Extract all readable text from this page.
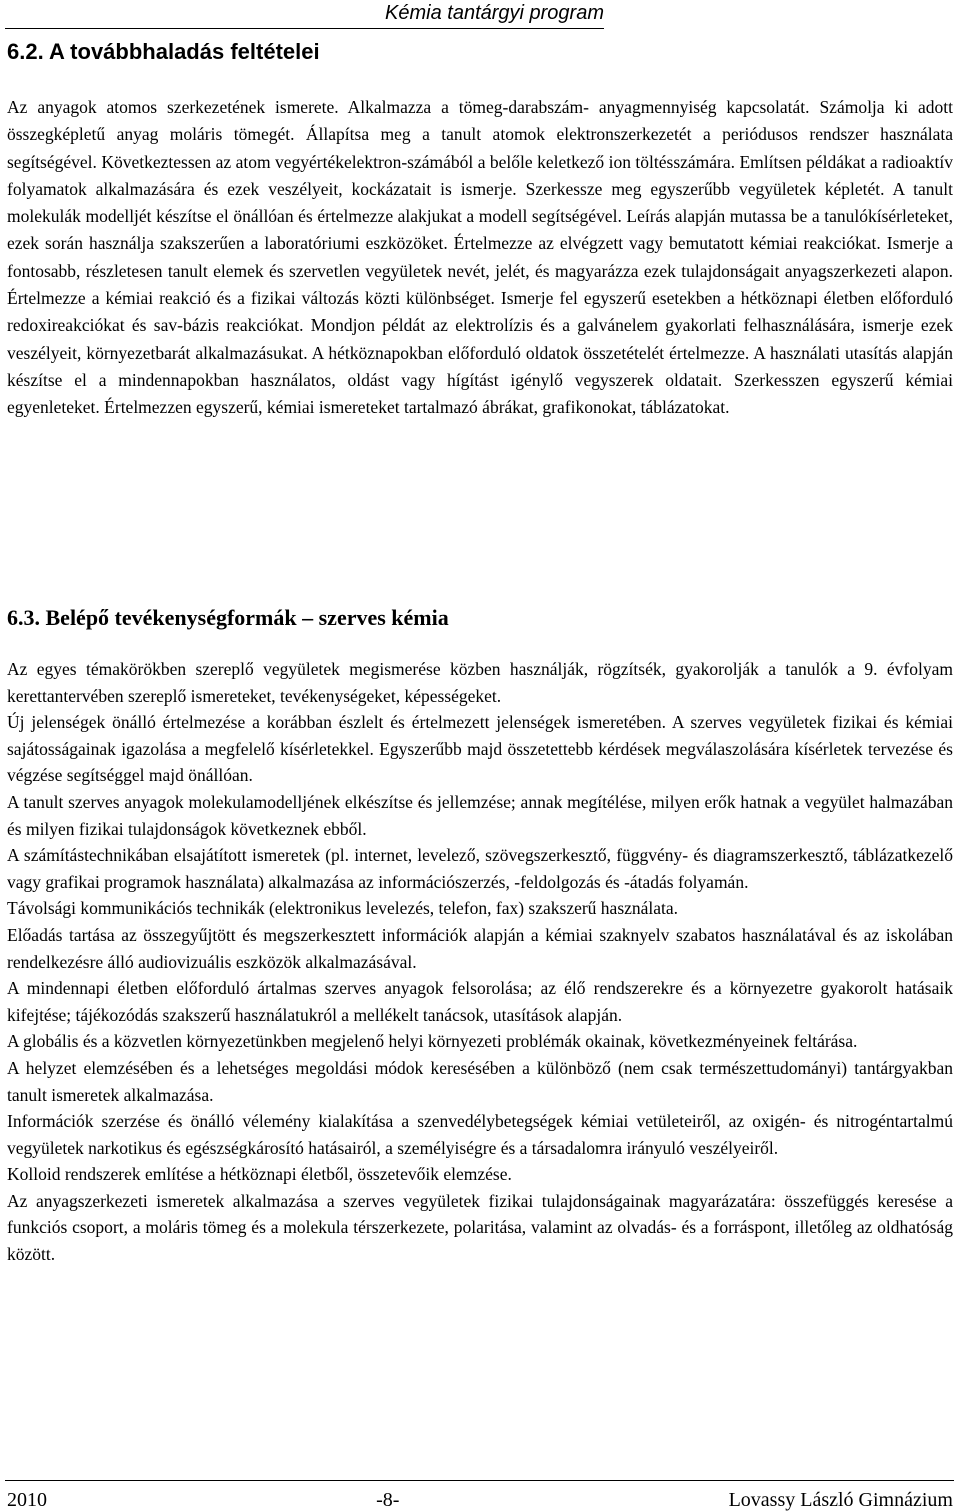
Kémia tantárgyi program
6.2. A továbbhaladás feltételei

Az anyagok atomos szerkezetének ismerete. Alkalmazza a tömeg-darabszám- anyagmennyiség kapcsolatát. Számolja ki adott összegképletű anyag moláris tömegét. Állapítsa meg a tanult atomok elektronszerkezetét a periódusos rendszer használata segítségével. Következtessen az atom vegyértékelektron-számából a belőle keletkező ion töltésszámára. Említsen példákat a radioaktív folyamatok alkalmazására és ezek veszélyeit, kockázatait is ismerje. Szerkessze meg egyszerűbb vegyületek képletét. A tanult molekulák modelljét készítse el önállóan és értelmezze alakjukat a modell segítségével. Leírás alapján mutassa be a tanulókísérleteket, ezek során használja szakszerűen a laboratóriumi eszközöket. Értelmezze az elvégzett vagy bemutatott kémiai reakciókat. Ismerje a fontosabb, részletesen tanult elemek és szervetlen vegyületek nevét, jelét, és magyarázza ezek tulajdonságait anyagszerkezeti alapon. Értelmezze a kémiai reakció és a fizikai változás közti különbséget. Ismerje fel egyszerű esetekben a hétköznapi életben előforduló redoxireakciókat és sav-bázis reakciókat. Mondjon példát az elektrolízis és a galvánelem gyakorlati felhasználására, ismerje ezek veszélyeit, környezetbarát alkalmazásukat. A hétköznapokban előforduló oldatok összetételét értelmezze. A használati utasítás alapján készítse el a mindennapokban használatos, oldást vagy hígítást igénylő vegyszerek oldatait. Szerkesszen egyszerű kémiai egyenleteket. Értelmezzen egyszerű, kémiai ismereteket tartalmazó ábrákat, grafikonokat, táblázatokat.

6.3. Belépő tevékenységformák – szerves kémia

Az egyes témakörökben szereplő vegyületek megismerése közben használják, rögzítsék, gyakorolják a tanulók a 9. évfolyam kerettantervében szereplő ismereteket, tevékenységeket, képességeket.

Új jelenségek önálló értelmezése a korábban észlelt és értelmezett jelenségek ismeretében. A szerves vegyületek fizikai és kémiai sajátosságainak igazolása a megfelelő kísérletekkel. Egyszerűbb majd összetettebb kérdések megválaszolására kísérletek tervezése és végzése segítséggel majd önállóan.

A tanult szerves anyagok molekulamodelljének elkészítse és jellemzése; annak megítélése, milyen erők hatnak a vegyület halmazában és milyen fizikai tulajdonságok következnek ebből.

A számítástechnikában elsajátított ismeretek (pl. internet, levelező, szövegszerkesztő, függvény- és diagramszerkesztő, táblázatkezelő vagy grafikai programok használata) alkalmazása az információszerzés, -feldolgozás és -átadás folyamán.

Távolsági kommunikációs technikák (elektronikus levelezés, telefon, fax) szakszerű használata.

Előadás tartása az összegyűjtött és megszerkesztett információk alapján a kémiai szaknyelv szabatos használatával és az iskolában rendelkezésre álló audiovizuális eszközök alkalmazásával.

A mindennapi életben előforduló ártalmas szerves anyagok felsorolása; az élő rendszerekre és a környezetre gyakorolt hatásaik kifejtése; tájékozódás szakszerű használatukról a mellékelt tanácsok, utasítások alapján.

A globális és a közvetlen környezetünkben megjelenő helyi környezeti problémák okainak, következményeinek feltárása.

A helyzet elemzésében és a lehetséges megoldási módok keresésében a különböző (nem csak természettudományi) tantárgyakban tanult ismeretek alkalmazása.

Információk szerzése és önálló vélemény kialakítása a szenvedélybetegségek kémiai vetületeiről, az oxigén- és nitrogéntartalmú vegyületek narkotikus és egészségkárosító hatásairól, a személyiségre és a társadalomra irányuló veszélyeiről.

Kolloid rendszerek említése a hétköznapi életből, összetevőik elemzése.

Az anyagszerkezeti ismeretek alkalmazása a szerves vegyületek fizikai tulajdonságainak magyarázatára: összefüggés keresése a funkciós csoport, a moláris tömeg és a molekula térszerkezete, polaritása, valamint az olvadás- és a forráspont, illetőleg az oldhatóság között.

2010	-8-	Lovassy László Gimnázium
